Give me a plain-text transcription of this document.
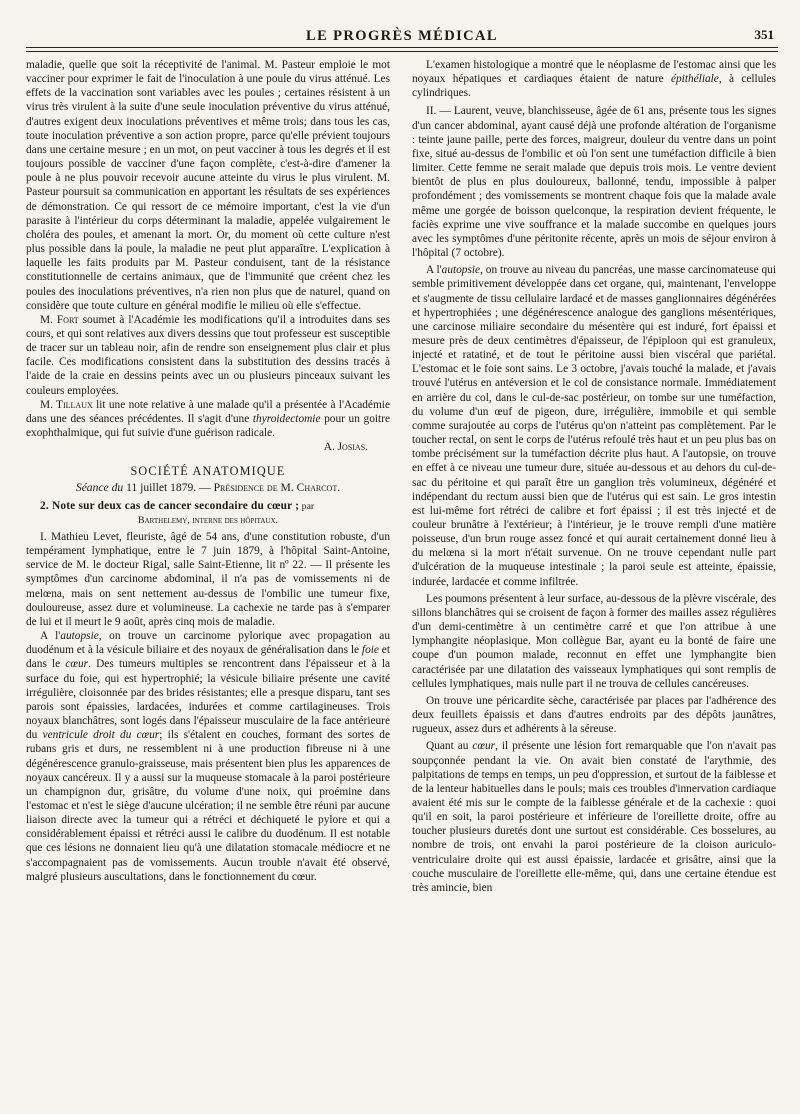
LE PROGRÈS MÉDICAL	351

maladie, quelle que soit la réceptivité de l'animal. M. Pasteur emploie le mot vacciner pour exprimer le fait de l'inoculation à une poule du virus atténué. Les effets de la vaccination sont variables avec les poules ; certaines résistent à un virus très virulent à la suite d'une seule inoculation préventive du virus atténué, d'autres exigent deux inoculations préventives et même trois; dans tous les cas, toute inoculation préventive a son action propre, parce qu'elle prévient toujours dans une certaine mesure ; en un mot, on peut vacciner à tous les degrés et il est toujours possible de vacciner d'une façon complète, c'est-à-dire d'amener la poule à ne plus pouvoir recevoir aucune atteinte du virus le plus virulent. M. Pasteur poursuit sa communication en apportant les résultats de ses expériences de démonstration. Ce qui ressort de ce mémoire important, c'est la vie d'un parasite à l'intérieur du corps déterminant la maladie, appelée vulgairement le choléra des poules, et amenant la mort. Or, du moment où cette culture n'est plus possible dans la poule, la maladie ne peut plut apparaître. L'explication à laquelle les faits produits par M. Pasteur conduisent, tant de la résistance constitutionnelle de certains animaux, que de l'immunité que créent chez les poules des inoculations préventives, n'a rien non plus que de naturel, quand on considère que toute culture en général modifie le milieu où elle s'effectue.

M. Fort soumet à l'Académie les modifications qu'il a introduites dans ses cours, et qui sont relatives aux divers dessins que tout professeur est susceptible de tracer sur un tableau noir, afin de rendre son enseignement plus clair et plus facile. Ces modifications consistent dans la substitution des dessins tracés à l'aide de la craie en dessins peints avec un ou plusieurs pinceaux suivant les couleurs employées.

M. Tillaux lit une note relative à une malade qu'il a présentée à l'Académie dans une des séances précédentes. Il s'agit d'une thyroidectomie pour un goitre exophthalmique, qui fut suivie d'une guérison radicale.

A. Josias.

SOCIÉTÉ ANATOMIQUE
Séance du 11 juillet 1879. — Présidence de M. Charcot.

2. Note sur deux cas de cancer secondaire du cœur ; par

Barthelemy, interne des hôpitaux.

I. Mathieu Levet, fleuriste, âgé de 54 ans, d'une constitution robuste, d'un tempérament lymphatique, entre le 7 juin 1879, à l'hôpital Saint-Antoine, service de M. le docteur Rigal, salle Saint-Etienne, lit nº 22. — Il présente les symptômes d'un carcinome abdominal, il n'a pas de vomissements ni de melœna, mais on sent nettement au-dessus de l'ombilic une tumeur fixe, douloureuse, assez dure et volumineuse. La cachexie ne tarde pas à s'emparer de lui et il meurt le 9 août, après cinq mois de maladie.

A l'autopsie, on trouve un carcinome pylorique avec propagation au duodénum et à la vésicule biliaire et des noyaux de généralisation dans le foie et dans le cœur. Des tumeurs multiples se rencontrent dans l'épaisseur et à la surface du foie, qui est hypertrophié; la vésicule biliaire présente une cavité irrégulière, cloisonnée par des brides résistantes; elle a presque disparu, tant ses parois sont épaissies, lardacées, indurées et comme cartilagineuses. Trois noyaux blanchâtres, sont logés dans l'épaisseur musculaire de la face antérieure du ventricule droit du cœur; ils s'étalent en couches, formant des sortes de rubans gris et durs, ne ressemblent ni à une production fibreuse ni à une dégénérescence granulo-graisseuse, mais présentent bien plus les apparences de noyaux cancéreux. Il y a aussi sur la muqueuse stomacale à la paroi postérieure un champignon dur, grisâtre, du volume d'une noix, qui proémine dans l'estomac et n'est le siège d'aucune ulcération; il ne semble être réuni par aucune liaison directe avec la tumeur qui a rétréci et déchiqueté le pylore et qui a considérablement épaissi et rétréci aussi le calibre du duodénum. Il est notable que ces lésions ne donnaient lieu qu'à une dilatation stomacale médiocre et ne s'accompagnaient pas de vomissements. Aucun trouble n'avait été observé, malgré plusieurs auscultations, dans le fonctionnement du cœur.

L'examen histologique a montré que le néoplasme de l'estomac ainsi que les noyaux hépatiques et cardiaques étaient de nature épithéliale, à cellules cylindriques.

II. — Laurent, veuve, blanchisseuse, âgée de 61 ans, présente tous les signes d'un cancer abdominal, ayant causé déjà une profonde altération de l'organisme : teinte jaune paille, perte des forces, maigreur, douleur du ventre dans un point fixe, situé au-dessus de l'ombilic et où l'on sent une tuméfaction difficile à bien limiter. Cette femme ne serait malade que depuis trois mois. Le ventre devient bientôt de plus en plus douloureux, ballonné, tendu, impossible à palper profondément ; des vomissements se montrent chaque fois que la malade avale même une gorgée de boisson quelconque, la respiration devient fréquente, le faciès exprime une vive souffrance et la malade succombe en quelques jours avec les symptômes d'une péritonite récente, après un mois de séjour environ à l'hôpital (7 octobre).

A l'autopsie, on trouve au niveau du pancréas, une masse carcinomateuse qui semble primitivement développée dans cet organe, qui, maintenant, l'enveloppe et s'augmente de tissu cellulaire lardacé et de masses ganglionnaires dégénérées et hypertrophiées ; une dégénérescence analogue des ganglions mésentériques, une carcinose miliaire secondaire du mésentère qui est induré, fort épaissi et mesure près de deux centimètres d'épaisseur, de l'épiploon qui est granuleux, injecté et ratatiné, et de tout le péritoine aussi bien viscéral que pariétal. L'estomac et le foie sont sains. Le 3 octobre, j'avais touché la malade, et j'avais trouvé l'utérus en antéversion et le col de consistance normale. Immédiatement en arrière du col, dans le cul-de-sac postérieur, on tombe sur une tuméfaction, du volume d'un œuf de pigeon, dure, irrégulière, immobile et qui semble comme surajoutée au corps de l'utérus qu'on n'atteint pas complètement. Par le toucher rectal, on sent le corps de l'utérus refoulé très haut et un peu plus bas on tombe précisément sur la tuméfaction décrite plus haut. A l'autopsie, on trouve en effet à ce niveau une tumeur dure, située au-dessous et au dehors du cul-de-sac du péritoine et qui paraît être un ganglion très volumineux, dégénéré et indépendant du rectum aussi bien que de l'utérus qui est sain. Le gros intestin est lui-même fort rétréci de calibre et fort épaissi ; il est très injecté et de couleur brunâtre à l'extérieur; à l'intérieur, je le trouve rempli d'une matière poisseuse, d'un brun rouge assez foncé et qui aurait certainement donné lieu à du melœna si la mort n'était survenue. On ne trouve cependant nulle part d'ulcération de la muqueuse intestinale ; la paroi seule est atteinte, épaissie, indurée, lardacée et comme infiltrée.

Les poumons présentent à leur surface, au-dessous de la plèvre viscérale, des sillons blanchâtres qui se croisent de façon à former des mailles assez régulières d'un demi-centimètre à un centimètre carré et que l'on attribue à une lymphangite néoplasique. Mon collègue Bar, ayant eu la bonté de faire une coupe d'un poumon malade, reconnut en effet une lymphangite bien caractérisée par une dilatation des vaisseaux lymphatiques qui sont remplis de cellules lymphatiques, mais nulle part il ne trouva de cellules cancéreuses.

On trouve une péricardite sèche, caractérisée par places par l'adhérence des deux feuillets épaissis et dans d'autres endroits par des dépôts jaunâtres, rugueux, assez durs et adhérents à la séreuse.

Quant au cœur, il présente une lésion fort remarquable que l'on n'avait pas soupçonnée pendant la vie. On avait bien constaté de l'arythmie, des palpitations de temps en temps, un peu d'oppression, et surtout de la faiblesse et de la lenteur habituelles dans le pouls; mais ces troubles d'innervation cardiaque avaient été mis sur le compte de la faiblesse générale et de la cachexie : quoi qu'il en soit, la paroi postérieure et inférieure de l'oreillette droite, offre au toucher plusieurs duretés dont une surtout est considérable. Ces bosselures, au nombre de trois, ont envahi la paroi postérieure de la cloison auriculo-ventriculaire droite qui est aussi épaissie, lardacée et grisâtre, ainsi que la couche musculaire de l'oreillette elle-même, qui, dans une certaine étendue est très amincie, bien
